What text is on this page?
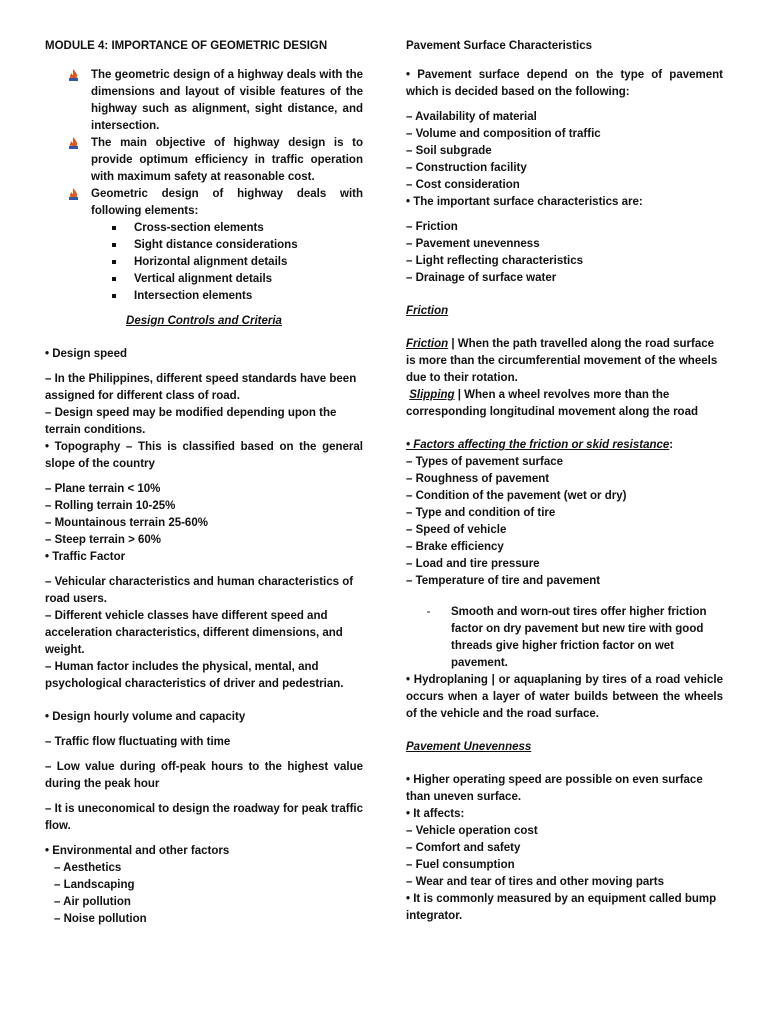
MODULE 4: IMPORTANCE OF GEOMETRIC DESIGN

The geometric design of a highway deals with the dimensions and layout of visible features of the highway such as alignment, sight distance, and intersection.
The main objective of highway design is to provide optimum efficiency in traffic operation with maximum safety at reasonable cost.
Geometric design of highway deals with following elements:
Cross-section elements
Sight distance considerations
Horizontal alignment details
Vertical alignment details
Intersection elements

Design Controls and Criteria

• Design speed

– In the Philippines, different speed standards have been assigned for different class of road.

– Design speed may be modified depending upon the terrain conditions.

• Topography – This is classified based on the general slope of the country

– Plane terrain < 10%

– Rolling terrain 10-25%

– Mountainous terrain 25-60%

– Steep terrain > 60%

• Traffic Factor

– Vehicular characteristics and human characteristics of road users.

– Different vehicle classes have different speed and acceleration characteristics, different dimensions, and weight.

– Human factor includes the physical, mental, and psychological characteristics of driver and pedestrian.

• Design hourly volume and capacity

– Traffic flow fluctuating with time

– Low value during off-peak hours to the highest value during the peak hour

– It is uneconomical to design the roadway for peak traffic flow.

• Environmental and other factors

– Aesthetics

– Landscaping

– Air pollution

– Noise pollution

Pavement Surface Characteristics

• Pavement surface depend on the type of pavement which is decided based on the following:

– Availability of material

– Volume and composition of traffic

– Soil subgrade

– Construction facility

– Cost consideration

• The important surface characteristics are:

– Friction

– Pavement unevenness

– Light reflecting characteristics

– Drainage of surface water

Friction

Friction | When the path travelled along the road surface is more than the circumferential movement of the wheels due to their rotation.

Slipping | When a wheel revolves more than the corresponding longitudinal movement along the road

• Factors affecting the friction or skid resistance:

– Types of pavement surface

– Roughness of pavement

– Condition of the pavement (wet or dry)

– Type and condition of tire

– Speed of vehicle

– Brake efficiency

– Load and tire pressure

– Temperature of tire and pavement

-	Smooth and worn-out tires offer higher friction factor on dry pavement but new tire with good threads give higher friction factor on wet pavement.

• Hydroplaning | or aquaplaning by tires of a road vehicle occurs when a layer of water builds between the wheels of the vehicle and the road surface.

Pavement Unevenness

• Higher operating speed are possible on even surface than uneven surface.

• It affects:

– Vehicle operation cost

– Comfort and safety

– Fuel consumption

– Wear and tear of tires and other moving parts

• It is commonly measured by an equipment called bump integrator.
